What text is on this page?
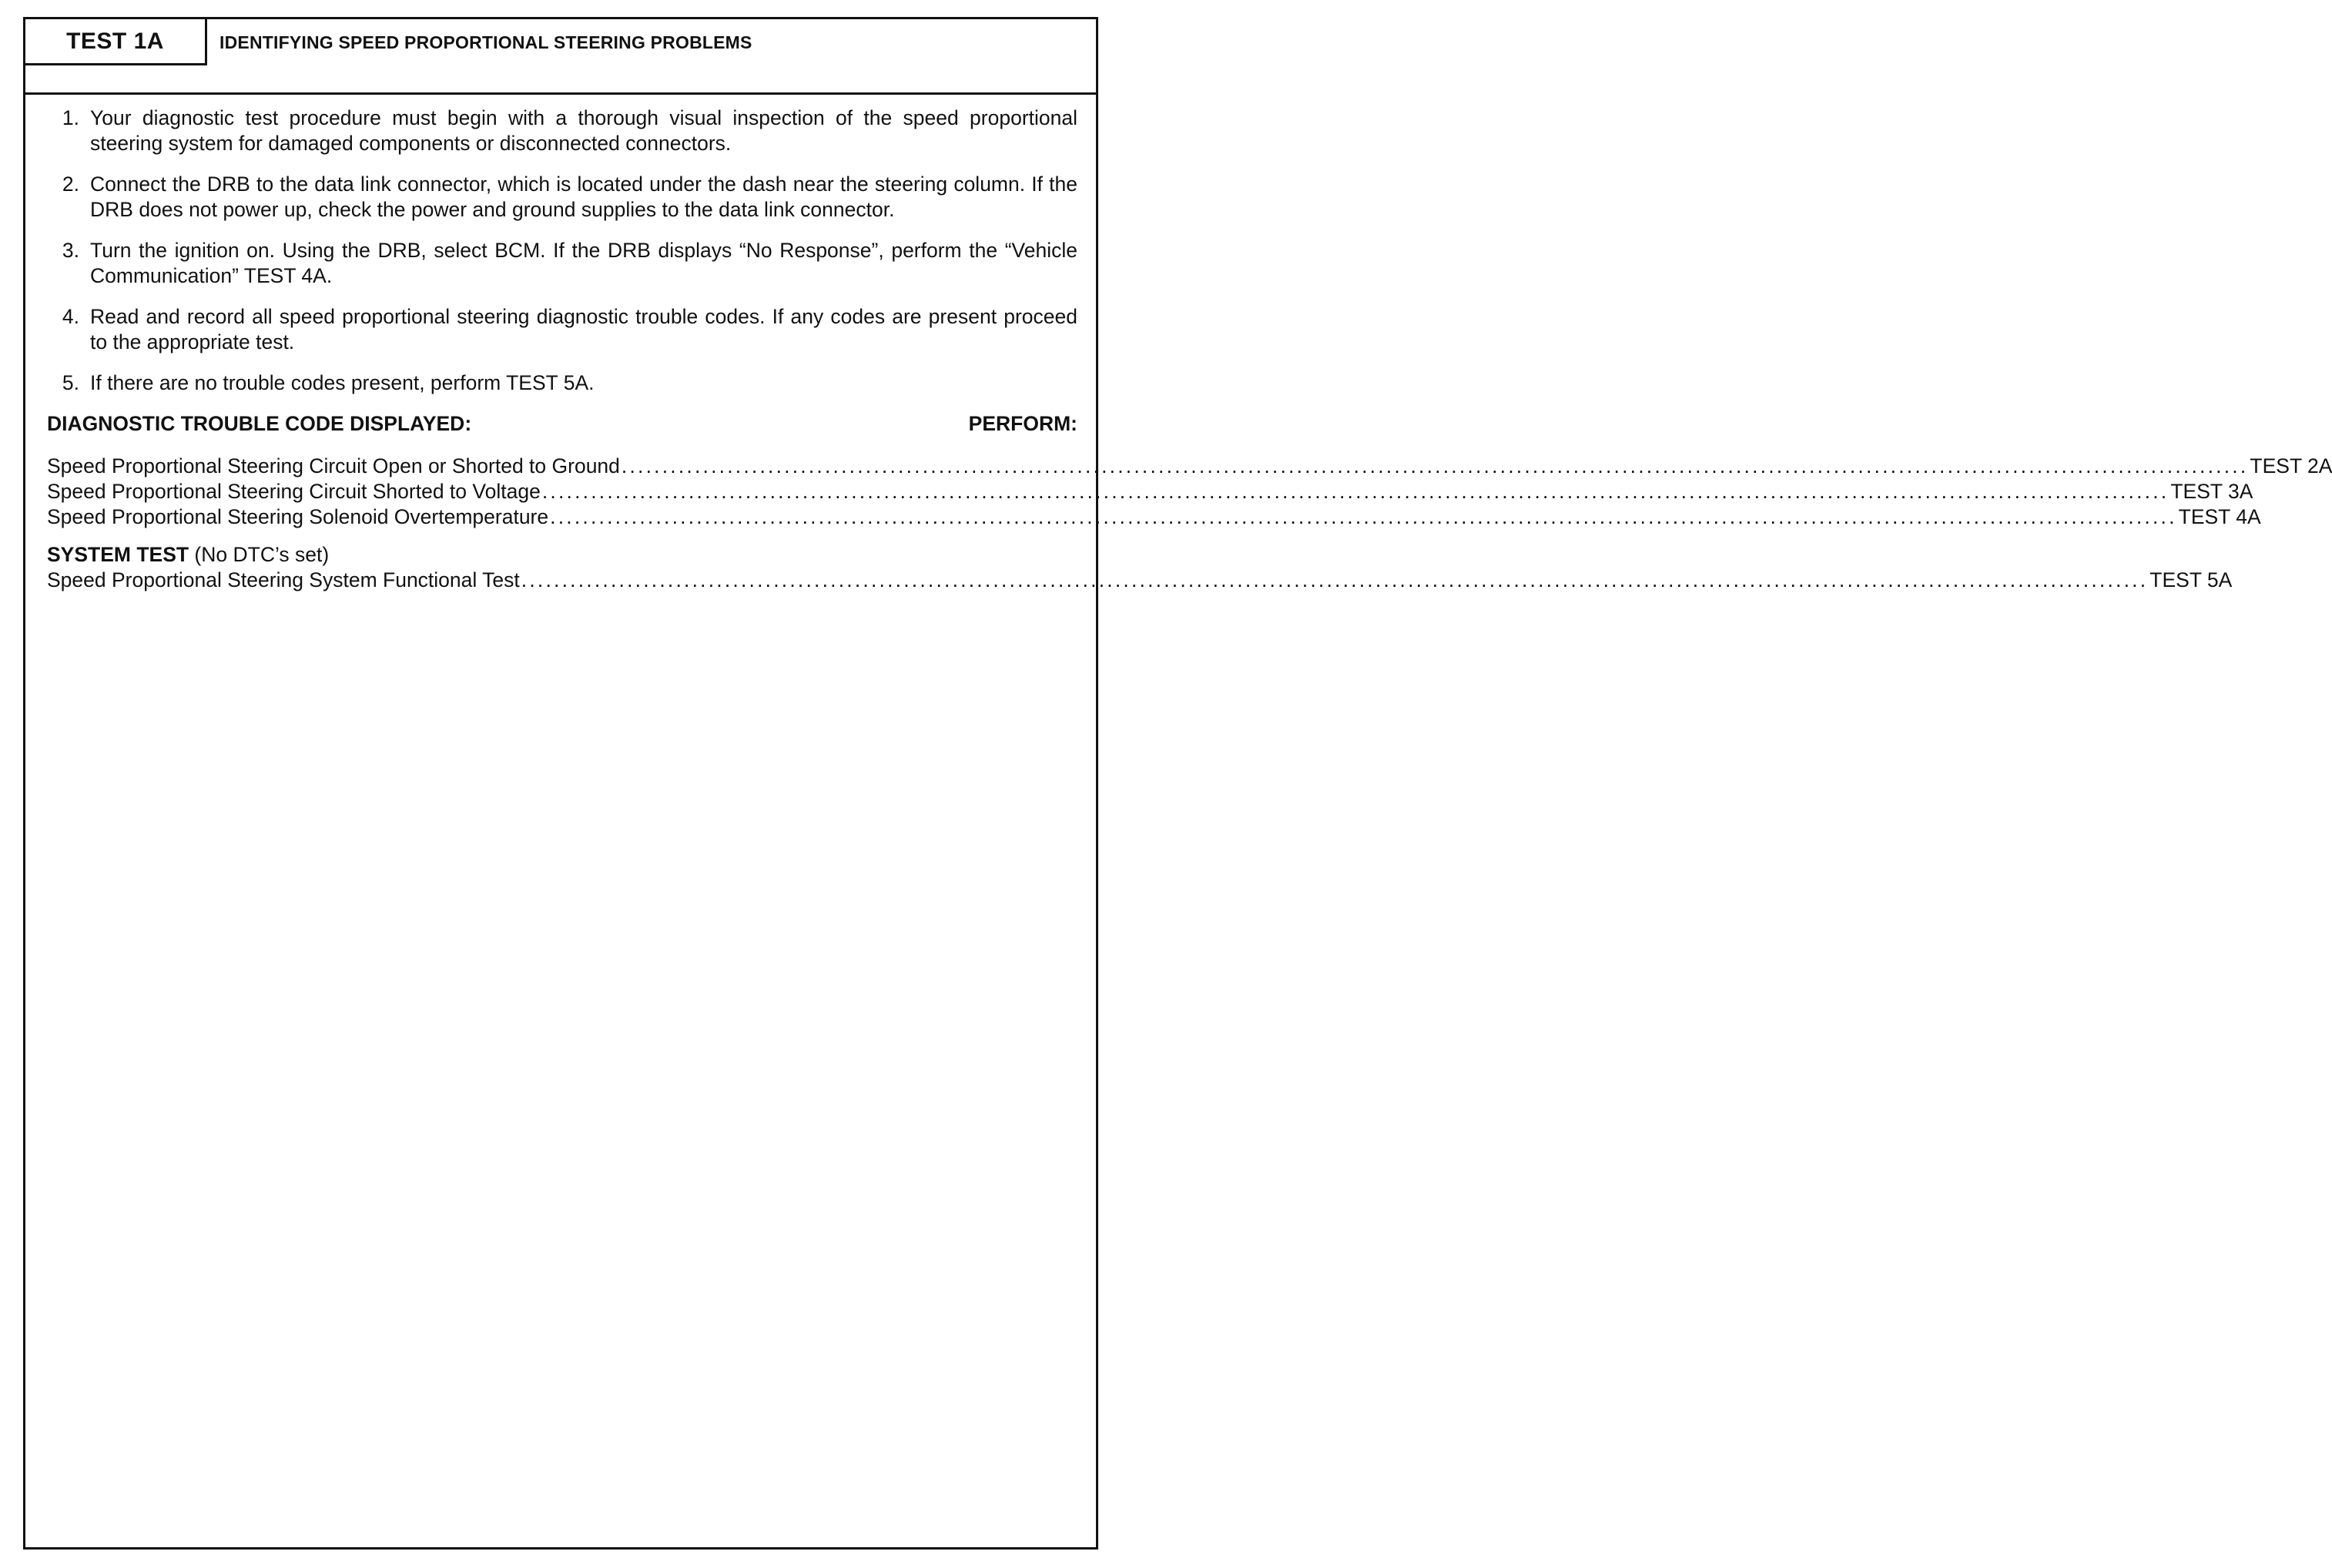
TEST 1A	IDENTIFYING SPEED PROPORTIONAL STEERING PROBLEMS
1. Your diagnostic test procedure must begin with a thorough visual inspection of the speed proportional steering system for damaged components or disconnected connectors.
2. Connect the DRB to the data link connector, which is located under the dash near the steering column. If the DRB does not power up, check the power and ground supplies to the data link connector.
3. Turn the ignition on. Using the DRB, select BCM. If the DRB displays “No Response”, perform the “Vehicle Communication” TEST 4A.
4. Read and record all speed proportional steering diagnostic trouble codes. If any codes are present proceed to the appropriate test.
5. If there are no trouble codes present, perform TEST 5A.
DIAGNOSTIC TROUBLE CODE DISPLAYED:	PERFORM:
Speed Proportional Steering Circuit Open or Shorted to Ground ........................................................................................................................................................................................................ TEST 2A
Speed Proportional Steering Circuit Shorted to Voltage ........................................................................................................................................................................................................ TEST 3A
Speed Proportional Steering Solenoid Overtemperature ........................................................................................................................................................................................................ TEST 4A
SYSTEM TEST (No DTC’s set)
Speed Proportional Steering System Functional Test ........................................................................................................................................................................................................ TEST 5A
